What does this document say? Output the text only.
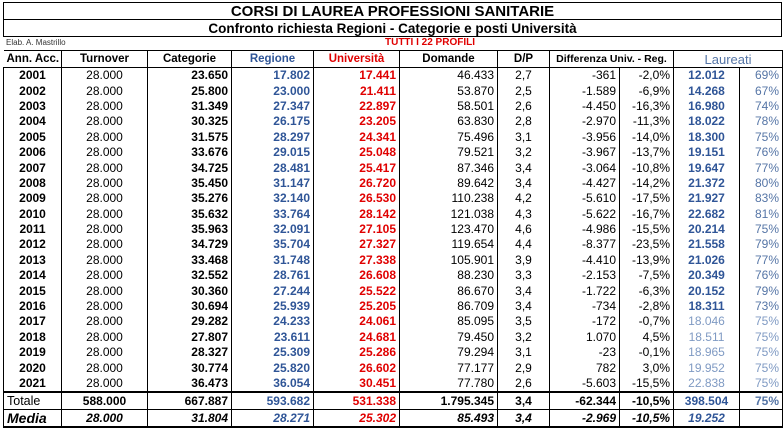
CORSI DI LAUREA PROFESSIONI SANITARIE
Confronto richiesta Regioni - Categorie e posti Università
Elab. A. Mastrillo	TUTTI I 22 PROFILI
Ann. Acc.	Turnover	Categorie	Regione	Università	Domande	D/P	Differenza Univ. - Reg.		Laureati	
2001	28.000	23.650	17.802	17.441	46.433	2,7	-361	-2,0%	12.012	69%
2002	28.000	25.800	23.000	21.411	53.870	2,5	-1.589	-6,9%	14.268	67%
2003	28.000	31.349	27.347	22.897	58.501	2,6	-4.450	-16,3%	16.980	74%
2004	28.000	30.325	26.175	23.205	63.830	2,8	-2.970	-11,3%	18.022	78%
2005	28.000	31.575	28.297	24.341	75.496	3,1	-3.956	-14,0%	18.300	75%
2006	28.000	33.676	29.015	25.048	79.521	3,2	-3.967	-13,7%	19.151	76%
2007	28.000	34.725	28.481	25.417	87.346	3,4	-3.064	-10,8%	19.647	77%
2008	28.000	35.450	31.147	26.720	89.642	3,4	-4.427	-14,2%	21.372	80%
2009	28.000	35.276	32.140	26.530	110.238	4,2	-5.610	-17,5%	21.927	83%
2010	28.000	35.632	33.764	28.142	121.038	4,3	-5.622	-16,7%	22.682	81%
2011	28.000	35.963	32.091	27.105	123.470	4,6	-4.986	-15,5%	20.214	75%
2012	28.000	34.729	35.704	27.327	119.654	4,4	-8.377	-23,5%	21.558	79%
2013	28.000	33.468	31.748	27.338	105.901	3,9	-4.410	-13,9%	21.026	77%
2014	28.000	32.552	28.761	26.608	88.230	3,3	-2.153	-7,5%	20.349	76%
2015	28.000	30.360	27.244	25.522	86.670	3,4	-1.722	-6,3%	20.152	79%
2016	28.000	30.694	25.939	25.205	86.709	3,4	-734	-2,8%	18.311	73%
2017	28.000	29.282	24.233	24.061	85.095	3,5	-172	-0,7%	18.046	75%
2018	28.000	27.807	23.611	24.681	79.450	3,2	1.070	4,5%	18.511	75%
2019	28.000	28.327	25.309	25.286	79.294	3,1	-23	-0,1%	18.965	75%
2020	28.000	30.774	25.820	26.602	77.177	2,9	782	3,0%	19.952	75%
2021	28.000	36.473	36.054	30.451	77.780	2,6	-5.603	-15,5%	22.838	75%
Totale	588.000	667.887	593.682	531.338	1.795.345	3,4	-62.344	-10,5%	398.504	75%
Media	28.000	31.804	28.271	25.302	85.493	3,4	-2.969	-10,5%	19.252	
